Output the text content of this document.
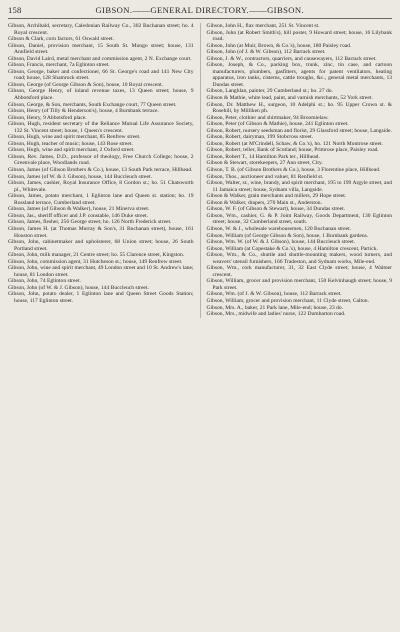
158	GIBSON.——GENERAL DIRECTORY.——GIBSON.
Gibson, Archibald, secretary, Caledonian Railway Co., 302 Buchanan street; ho. 4 Royal crescent.
Gibson & Clark, corn factors, 61 Oswald street.
Gibson, Daniel, provision merchant, 15 South St. Mungo street; house, 131 Annfield street.
Gibson, David Laird, metal merchant and commission agent, 2 N. Exchange court.
Gibson, Francis, merchant, 7a Eglinton street.
Gibson, George, baker and confectioner, 66 St. George's road and 141 New City road; house, 128 Shamrock street.
Gibson, George (of George Gibson & Son), house, 10 Royal crescent.
Gibson, George Henry, of inland revenue taxes, 13 Queen street; house, 9 Abbotsford place.
Gibson, George, & Son, merchants, South Exchange court, 77 Queen street.
Gibson, Henry (of Tilly & Henderson's), house, 4 Burnbank terrace.
Gibson, Henry, 9 Abbotsford place.
Gibson, Hugh, resident secretary of the Reliance Mutual Life Assurance Society, 132 St. Vincent street; house, 1 Queen's crescent.
Gibson, Hugh, wine and spirit merchant, 85 Renfrew street.
Gibson, Hugh, teacher of music; house, 143 Rose street.
Gibson, Hugh, wine and spirit merchant, 2 Oxford street.
Gibson, Rev. James, D.D., professor of theology, Free Church College; house, 2 Greenvale place, Woodlands road.
Gibson, James (of Gibson Brothers & Co.), house, 13 South Park terrace, Hillhead.
Gibson, James (of W. & J. Gibson), house, 144 Buccleuch street.
Gibson, James, cashier, Royal Insurance Office, 8 Gordon st.; ho. 51 Chatsworth pl., Whitevale.
Gibson, James, potato merchant, 1 Eglinton lane and Queen st. station; ho. 19 Rossland terrace, Cumberland street.
Gibson, James (of Gibson & Walker), house, 21 Minerva street.
Gibson, Jas., sheriff officer and J.P. constable, 146 Duke street.
Gibson, James, flesher, 256 George street; ho. 126 North Frederick street.
Gibson, James H. (at Thomas Murray & Son's, 31 Buchanan street), house, 161 Houston street.
Gibson, John, cabinetmaker and upholsterer, 68 Union street; house, 26 South Portland street.
Gibson, John, milk manager, 21 Centre street; ho. 55 Clarence street, Kingston.
Gibson, John, commission agent, 31 Hutcheson st.; house, 149 Renfrew street.
Gibson, John, wine and spirit merchant, 49 London street and 10 St. Andrew's lane; house, 81 London street.
Gibson, John, 74 Eglinton street.
Gibson, John (of W. & J. Gibson), house, 144 Buccleuch street.
Gibson, John, potato dealer, 1 Eglinton lane and Queen Street Goods Station; house, 117 Eglinton street.
Gibson, John H., flax merchant, 251 St. Vincent st.
Gibson, John (at Robert Smith's), hill poster, 9 Howard street; house, 16 Lilybank road.
Gibson, John (at Muir, Brown, & Co.'s), house, 180 Paisley road.
Gibson, John (of J. & W. Gibson), 112 Barrack street.
Gibson, J. & W., contractors, quarriers, and causewayers, 112 Barrack street.
Gibson, Joseph, & Co., packing box, trunk, zinc, tin case, and cartoon manufacturers, plumbers, gasfitters, agents for patent ventilators, heating apparatus, iron tanks, cisterns, cattle troughs, &c., general metal merchants, 13 Dundas street.
Gibson, Langhlan, painter, 29 Cumberland st.; ho. 27 do.
Gibson & Mathie, white lead, paint, and varnish merchants, 52 York street.
Gibson, Dr. Matthew H., surgeon, 10 Adelphi st.; ho. 95 Upper Crown st. & Rosehill, by Milliken ph.
Gibson, Peter, clothier and shirtmaker, 94 Broomielaw.
Gibson, Peter (of Gibson & Mathie), house, 241 Eglinton street.
Gibson, Robert, nursery seedsman and florist, 29 Glassford street; house, Langside.
Gibson, Robert, dairyman, 199 Stobcross street.
Gibson, Robert (at M'Crindell, Schaw, & Co.'s), ho. 121 North Montrose street.
Gibson, Robert, teller, Bank of Scotland; house, Primrose place, Paisley road.
Gibson, Robert T., 14 Hamilton Park ter., Hillhead.
Gibson & Stewart, storekeepers, 27 Ann street, City.
Gibson, T. B. (of Gibson Brothers & Co.), house, 3 Florentine place, Hillhead.
Gibson, Thos., auctioneer and valuer, 81 Renfield st.
Gibson, Walter, sr., wine, brandy, and spirit merchant, 195 to 199 Argyle street, and 11 Jamaica street; house, Sydnam villa, Langside.
Gibson & Walker, grain merchants and millers, 29 Hope street.
Gibson & Walker, drapers, 270 Main st., Anderston.
Gibson, W. F. (of Gibson & Stewart), house, 34 Dundas street.
Gibson, Wm., cashier, G. & P. Joint Railway, Goods Department, 130 Eglinton street; house, 32 Cumberland street, south.
Gibson, W. & J., wholesale warehousemen, 120 Buchanan street.
Gibson, William (of George Gibson & Son), house, 1 Burnbank gardens.
Gibson, Wm. W. (of W. & J. Gibson), house, 144 Buccleuch street.
Gibson, William (at Copestake & Co.'s), house, 4 Hamilton crescent, Partick.
Gibson, Wm., & Co., shuttle and shuttle-mounting makers, wood turners, and weavers' utensil furnishers, 166 Tradeston, and Sydnam works, Mile-end.
Gibson, Wm., cork manufacturer, 31, 32 East Clyde street; house, 4 Walmer crescent.
Gibson, William, grocer and provision merchant, 150 Kelvinhaugh street; house, 9 Park street.
Gibson, Wm. (of J. & W. Gibson), house, 112 Barrack street.
Gibson, William, grocer and provision merchant, 11 Clyde street, Calton.
Gibson, Mrs. A., baker, 21 Park lane, Mile-end; house, 23 do.
Gibson, Mrs., midwife and ladies' nurse, 122 Dumbarton road.
